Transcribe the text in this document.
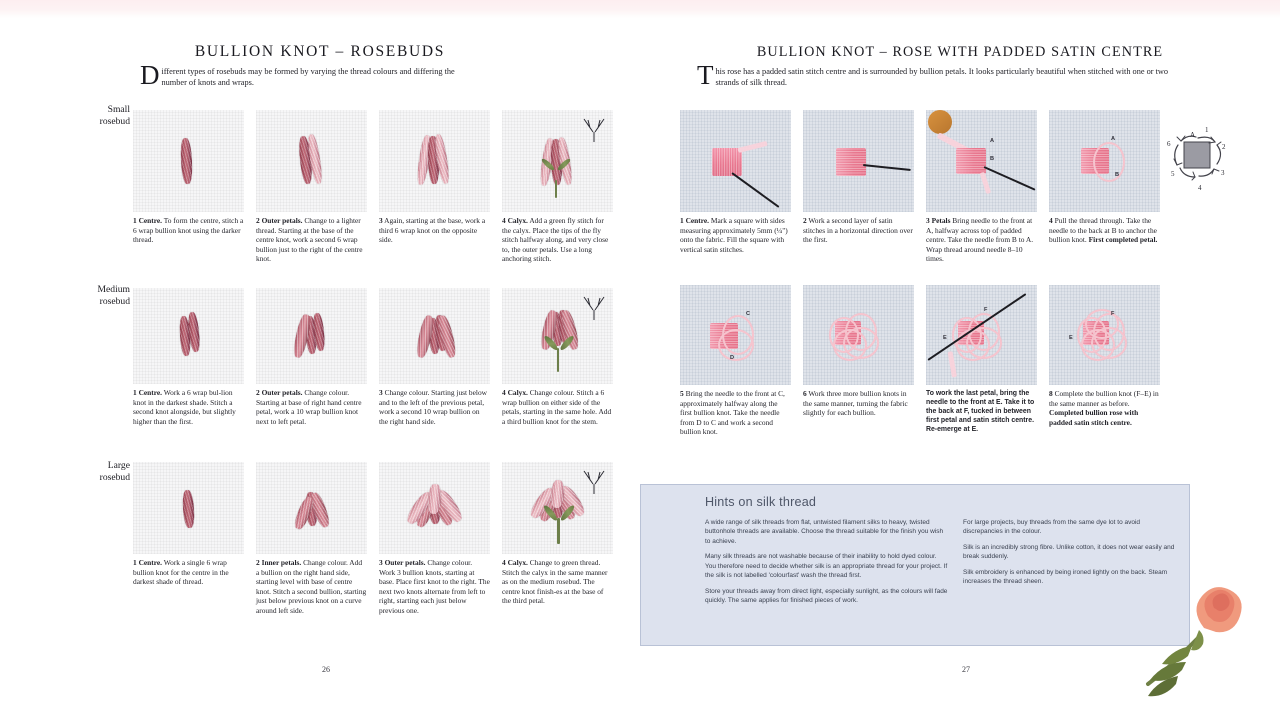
BULLION KNOT – ROSEBUDS
D ifferent types of rosebuds may be formed by varying the thread colours and differing the number of knots and wraps.
Small
rosebud
Medium
rosebud
Large
rosebud
1 Centre. To form the centre, stitch a 6 wrap bullion knot using the darker thread.
2 Outer petals. Change to a lighter thread. Starting at the base of the centre knot, work a second 6 wrap bullion just to the right of the centre knot.
3 Again, starting at the base, work a third 6 wrap knot on the opposite side.
4 Calyx. Add a green fly stitch for the calyx. Place the tips of the fly stitch halfway along, and very close to, the outer petals. Use a long anchoring stitch.
1 Centre. Work a 6 wrap bul-lion knot in the darkest shade. Stitch a second knot alongside, but slightly higher than the first.
2 Outer petals. Change colour. Starting at base of right hand centre petal, work a 10 wrap bullion knot next to left petal.
3 Change colour. Starting just below and to the left of the previous petal, work a second 10 wrap bullion on the right hand side.
4 Calyx. Change colour. Stitch a 6 wrap bullion on either side of the petals, starting in the same hole. Add a third bullion knot for the stem.
1 Centre. Work a single 6 wrap bullion knot for the centre in the darkest shade of thread.
2 Inner petals. Change colour. Add a bullion on the right hand side, starting level with base of centre knot. Stitch a second bullion, starting just below previous knot on a curve around left side.
3 Outer petals. Change colour. Work 3 bullion knots, starting at base. Place first knot to the right. The next two knots alternate from left to right, starting each just below previous one.
4 Calyx. Change to green thread. Stitch the calyx in the same manner as on the medium rosebud. The centre knot finish-es at the base of the third petal.
26
BULLION KNOT – ROSE WITH PADDED SATIN CENTRE
T his rose has a padded satin stitch centre and is surrounded by bullion petals. It looks particularly beautiful when stitched with one or two strands of silk thread.
1
2
3
4
5
6
A
1 Centre. Mark a square with sides measuring approximately 5mm (¼") onto the fabric. Fill the square with vertical satin stitches.
2 Work a second layer of satin stitches in a horizontal direction over the first.
A
B
3 Petals Bring needle to the front at A, halfway across top of padded centre. Take the needle from B to A. Wrap thread around needle 8–10 times.
A
B
4 Pull the thread through. Take the needle to the back at B to anchor the bullion knot. First completed petal.
C
D
5 Bring the needle to the front at C, approximately halfway along the first bullion knot. Take the needle from D to C and work a second bullion knot.
6 Work three more bullion knots in the same manner, turning the fabric slightly for each bullion.
F
E
To work the last petal, bring the needle to the front at E. Take it to the back at F, tucked in between first petal and satin stitch centre. Re-emerge at E.
F
E
8 Complete the bullion knot (F–E) in the same manner as before. Completed bullion rose with padded satin stitch centre.
Hints on silk thread

A wide range of silk threads from flat, untwisted filament silks to heavy, twisted buttonhole threads are available. Choose the thread suitable for the finish you wish to achieve.

Many silk threads are not washable because of their inability to hold dyed colour. You therefore need to decide whether silk is an appropriate thread for your project. If the silk is not labelled 'colourfast' wash the thread first.

Store your threads away from direct light, especially sunlight, as the colours will fade quickly. The same applies for finished pieces of work.

For large projects, buy threads from the same dye lot to avoid discrepancies in the colour.

Silk is an incredibly strong fibre. Unlike cotton, it does not wear easily and break suddenly.

Silk embroidery is enhanced by being ironed lightly on the back. Steam increases the thread sheen.

27
